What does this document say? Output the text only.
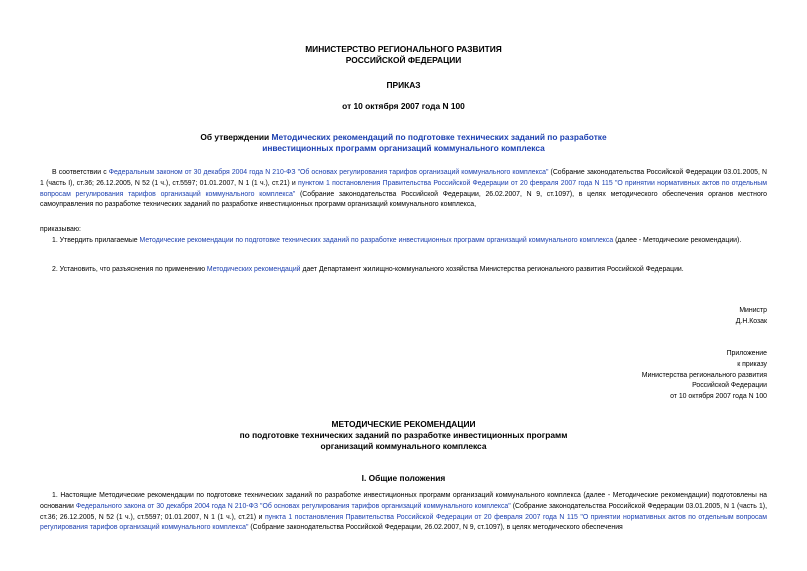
МИНИСТЕРСТВО РЕГИОНАЛЬНОГО РАЗВИТИЯ
РОССИЙСКОЙ ФЕДЕРАЦИИ
ПРИКАЗ
от 10 октября 2007 года N 100
Об утверждении Методических рекомендаций по подготовке технических заданий по разработке
инвестиционных программ организаций коммунального комплекса
В соответствии с Федеральным законом от 30 декабря 2004 года N 210-ФЗ "Об основах регулирования тарифов организаций коммунального комплекса" (Собрание законодательства Российской Федерации 03.01.2005, N 1 (часть I), ст.36; 26.12.2005, N 52 (1 ч.), ст.5597; 01.01.2007, N 1 (1 ч.), ст.21) и пунктом 1 постановления Правительства Российской Федерации от 20 февраля 2007 года N 115 "О принятии нормативных актов по отдельным вопросам регулирования тарифов организаций коммунального комплекса" (Собрание законодательства Российской Федерации, 26.02.2007, N 9, ст.1097), в целях методического обеспечения органов местного самоуправления по разработке технических заданий по разработке инвестиционных программ организаций коммунального комплекса,
приказываю:
1. Утвердить прилагаемые Методические рекомендации по подготовке технических заданий по разработке инвестиционных программ организаций коммунального комплекса (далее - Методические рекомендации).
2. Установить, что разъяснения по применению Методических рекомендаций дает Департамент жилищно-коммунального хозяйства Министерства регионального развития Российской Федерации.
Министр
Д.Н.Козак
Приложение
к приказу
Министерства регионального развития
Российской Федерации
от 10 октября 2007 года N 100
МЕТОДИЧЕСКИЕ РЕКОМЕНДАЦИИ
по подготовке технических заданий по разработке инвестиционных программ
организаций коммунального комплекса
I. Общие положения
1. Настоящие Методические рекомендации по подготовке технических заданий по разработке инвестиционных программ организаций коммунального комплекса (далее - Методические рекомендации) подготовлены на основании Федерального закона от 30 декабря 2004 года N 210-ФЗ "Об основах регулирования тарифов организаций коммунального комплекса" (Собрание законодательства Российской Федерации 03.01.2005, N 1 (часть 1), ст.36; 26.12.2005, N 52 (1 ч.), ст.5597; 01.01.2007, N 1 (1 ч.), ст.21) и пункта 1 постановления Правительства Российской Федерации от 20 февраля 2007 года N 115 "О принятии нормативных актов по отдельным вопросам регулирования тарифов организаций коммунального комплекса" (Собрание законодательства Российской Федерации, 26.02.2007, N 9, ст.1097), в целях методического обеспечения
